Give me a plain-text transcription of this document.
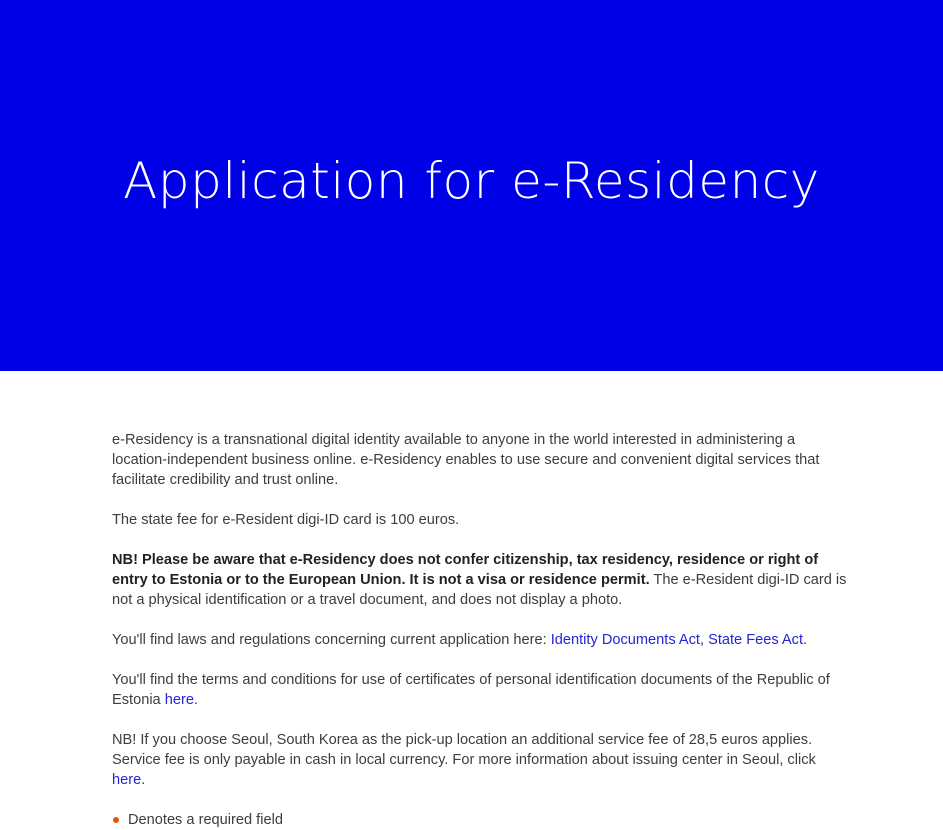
Application for e-Residency

e-Residency is a transnational digital identity available to anyone in the world interested in administering a location-independent business online. e-Residency enables to use secure and convenient digital services that facilitate credibility and trust online.

The state fee for e-Resident digi-ID card is 100 euros.

NB! Please be aware that e-Residency does not confer citizenship, tax residency, residence or right of entry to Estonia or to the European Union. It is not a visa or residence permit. The e-Resident digi-ID card is not a physical identification or a travel document, and does not display a photo.

You'll find laws and regulations concerning current application here: Identity Documents Act, State Fees Act.

You'll find the terms and conditions for use of certificates of personal identification documents of the Republic of Estonia here.

NB! If you choose Seoul, South Korea as the pick-up location an additional service fee of 28,5 euros applies. Service fee is only payable in cash in local currency. For more information about issuing center in Seoul, click here.

Denotes a required field
